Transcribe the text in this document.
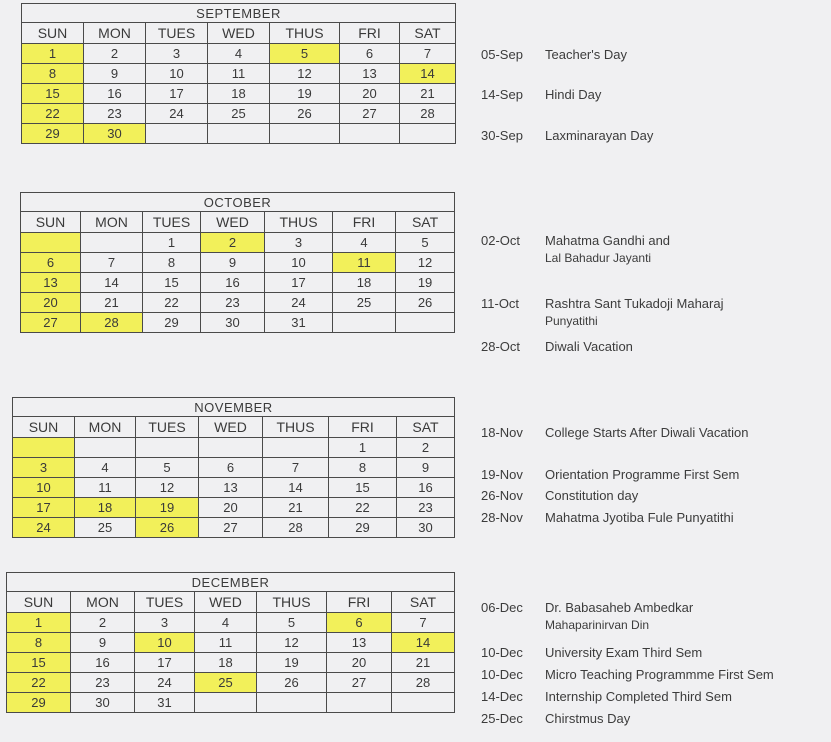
SEPTEMBER						
SUN	MON	TUES	WED	THUS	FRI	SAT
1	2	3	4	5	6	7
8	9	10	11	12	13	14
15	16	17	18	19	20	21
22	23	24	25	26	27	28
29	30					
OCTOBER						
SUN	MON	TUES	WED	THUS	FRI	SAT
		1	2	3	4	5
6	7	8	9	10	11	12
13	14	15	16	17	18	19
20	21	22	23	24	25	26
27	28	29	30	31		
NOVEMBER						
SUN	MON	TUES	WED	THUS	FRI	SAT
					1	2
3	4	5	6	7	8	9
10	11	12	13	14	15	16
17	18	19	20	21	22	23
24	25	26	27	28	29	30
DECEMBER						
SUN	MON	TUES	WED	THUS	FRI	SAT
1	2	3	4	5	6	7
8	9	10	11	12	13	14
15	16	17	18	19	20	21
22	23	24	25	26	27	28
29	30	31				
05-Sep Teacher's Day
14-Sep Hindi Day
30-Sep Laxminarayan Day
02-Oct Mahatma Gandhi and
Lal Bahadur Jayanti
11-Oct Rashtra Sant Tukadoji Maharaj
Punyatithi
28-Oct Diwali Vacation
18-Nov College Starts After Diwali Vacation
19-Nov Orientation Programme First Sem
26-Nov Constitution day
28-Nov Mahatma Jyotiba Fule Punyatithi
06-Dec Dr. Babasaheb Ambedkar
Mahaparinirvan Din
10-Dec University Exam Third Sem
10-Dec Micro Teaching Programmme First Sem
14-Dec Internship Completed Third Sem
25-Dec Chirstmus Day
